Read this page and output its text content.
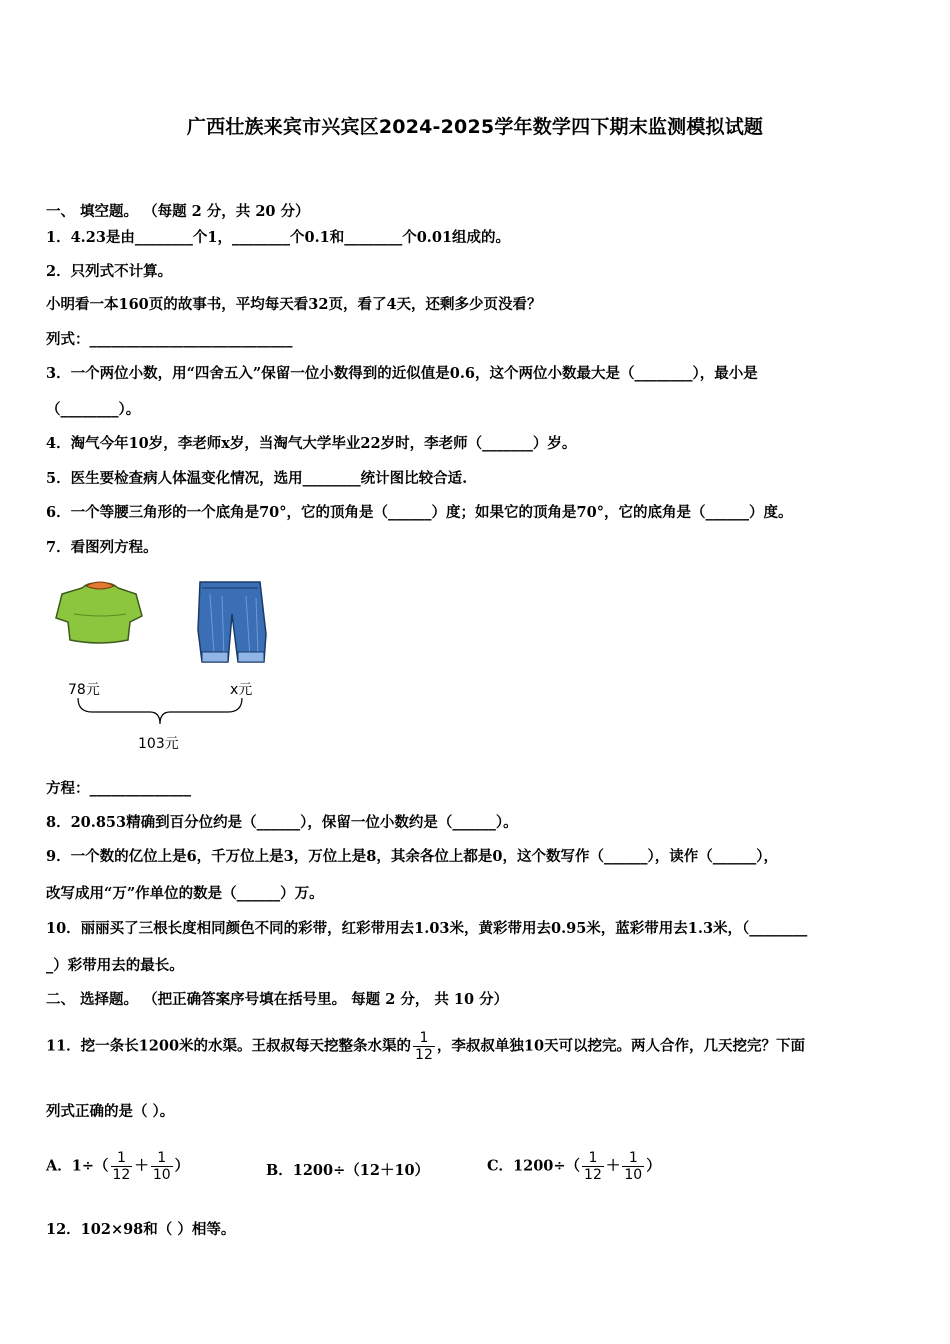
广西壮族来宾市兴宾区2024-2025学年数学四下期末监测模拟试题
一、 填空题。 （每题 2 分，共 20 分）
1．4.23是由________个1，________个0.1和________个0.01组成的。
2．只列式不计算。
小明看一本160页的故事书，平均每天看32页，看了4天，还剩多少页没看？
列式：____________________________
3．一个两位小数，用“四舍五入”保留一位小数得到的近似值是0.6，这个两位小数最大是（________），最小是
（________）。
4．淘气今年10岁，李老师x岁，当淘气大学毕业22岁时，李老师（_______）岁。
5．医生要检查病人体温变化情况，选用________统计图比较合适.
6．一个等腰三角形的一个底角是70°，它的顶角是（______）度；如果它的顶角是70°，它的底角是（______）度。
7．看图列方程。
78元	x元
103元
方程：______________
8．20.853精确到百分位约是（______），保留一位小数约是（______）。
9．一个数的亿位上是6，千万位上是3，万位上是8，其余各位上都是0，这个数写作（______），读作（______），
改写成用“万”作单位的数是（______）万。
10．丽丽买了三根长度相同颜色不同的彩带，红彩带用去1.03米，黄彩带用去0.95米，蓝彩带用去1.3米，（________
_）彩带用去的最长。
二、 选择题。 （把正确答案序号填在括号里。 每题 2 分， 共 10 分）
11．挖一条长1200米的水渠。王叔叔每天挖整条水渠的 $\frac{1}{12}$ ，李叔叔单独10天可以挖完。两人合作，几天挖完？下面
列式正确的是（ ）。
A．$1\div( \frac{1}{12} + \frac{1}{10}$ ）	B．1200÷（12＋10）	C．$1200\div( \frac{1}{12} + \frac{1}{10}$ ）
12．102×98和（ ）相等。
